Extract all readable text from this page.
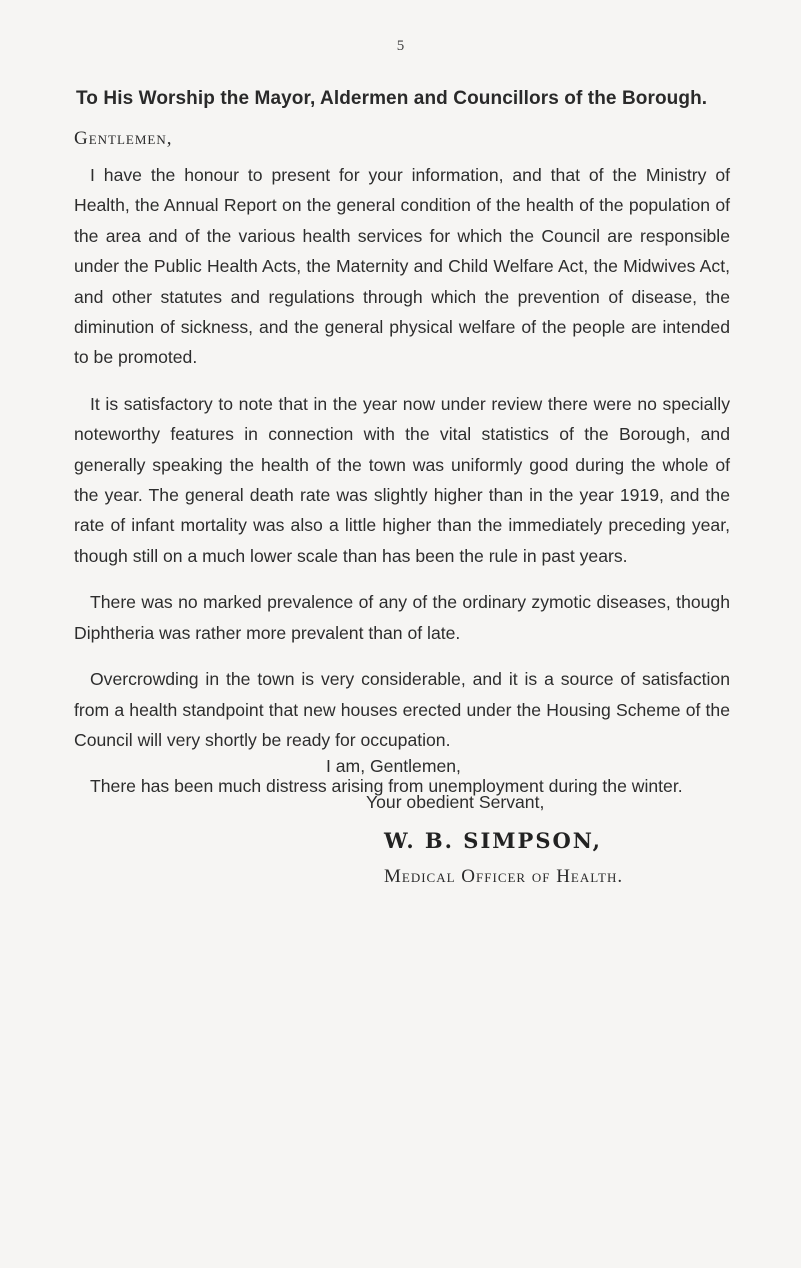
5
To His Worship the Mayor, Aldermen and Councillors of the Borough.
Gentlemen,

I have the honour to present for your information, and that of the Ministry of Health, the Annual Report on the general condition of the health of the population of the area and of the various health services for which the Council are responsible under the Public Health Acts, the Maternity and Child Welfare Act, the Midwives Act, and other statutes and regulations through which the prevention of disease, the diminution of sickness, and the general physical welfare of the people are intended to be promoted.

It is satisfactory to note that in the year now under review there were no specially noteworthy features in connection with the vital statistics of the Borough, and generally speaking the health of the town was uniformly good during the whole of the year. The general death rate was slightly higher than in the year 1919, and the rate of infant mortality was also a little higher than the immediately preceding year, though still on a much lower scale than has been the rule in past years.

There was no marked prevalence of any of the ordinary zymotic diseases, though Diphtheria was rather more prevalent than of late.

Overcrowding in the town is very considerable, and it is a source of satisfaction from a health standpoint that new houses erected under the Housing Scheme of the Council will very shortly be ready for occupation.

There has been much distress arising from unemployment during the winter.

I am, Gentlemen,
Your obedient Servant,
W. B. SIMPSON,
Medical Officer of Health.
